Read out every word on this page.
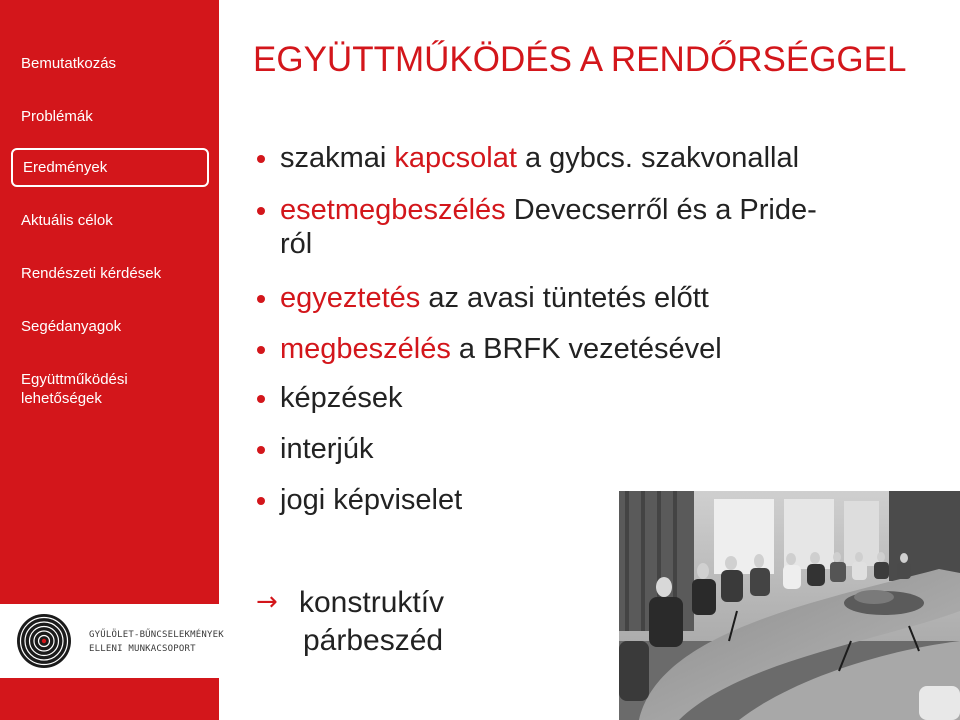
Bemutatkozás
Problémák
Eredmények
Aktuális célok
Rendészeti kérdések
Segédanyagok
Együttműködési lehetőségek
GYŰLÖLET-BŰNCSELEKMÉNYEK
ELLENI MUNKACSOPORT
EGYÜTTMŰKÖDÉS A RENDŐRSÉGGEL
szakmai kapcsolat a gybcs. szakvonallal
esetmegbeszélés Devecserről és a Pride-ról
egyeztetés az avasi tüntetés előtt
megbeszélés a BRFK vezetésével
képzések
interjúk
jogi képviselet
→ konstruktív
párbeszéd
